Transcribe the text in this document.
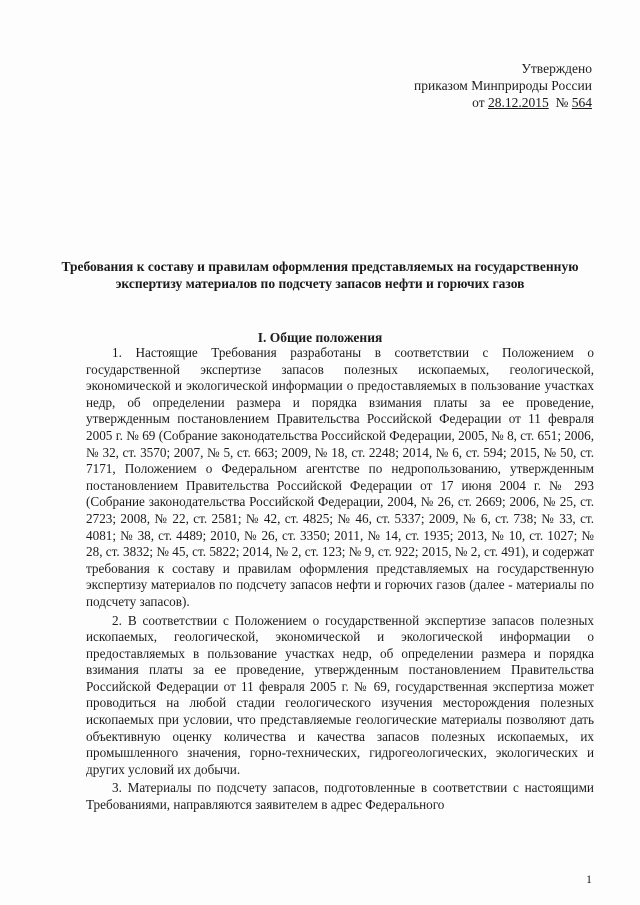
Утверждено
приказом Минприроды России
от 28.12.2015 № 564
Требования к составу и правилам оформления представляемых на государственную экспертизу материалов по подсчету запасов нефти и горючих газов
I. Общие положения

1. Настоящие Требования разработаны в соответствии с Положением о государственной экспертизе запасов полезных ископаемых, геологической, экономической и экологической информации о предоставляемых в пользование участках недр, об определении размера и порядка взимания платы за ее проведение, утвержденным постановлением Правительства Российской Федерации от 11 февраля 2005 г. № 69 (Собрание законодательства Российской Федерации, 2005, № 8, ст. 651; 2006, № 32, ст. 3570; 2007, № 5, ст. 663; 2009, № 18, ст. 2248; 2014, № 6, ст. 594; 2015, № 50, ст. 7171, Положением о Федеральном агентстве по недропользованию, утвержденным постановлением Правительства Российской Федерации от 17 июня 2004 г. № 293 (Собрание законодательства Российской Федерации, 2004, № 26, ст. 2669; 2006, № 25, ст. 2723; 2008, № 22, ст. 2581; № 42, ст. 4825; № 46, ст. 5337; 2009, № 6, ст. 738; № 33, ст. 4081; № 38, ст. 4489; 2010, № 26, ст. 3350; 2011, № 14, ст. 1935; 2013, № 10, ст. 1027; № 28, ст. 3832; № 45, ст. 5822; 2014, № 2, ст. 123; № 9, ст. 922; 2015, № 2, ст. 491), и содержат требования к составу и правилам оформления представляемых на государственную экспертизу материалов по подсчету запасов нефти и горючих газов (далее - материалы по подсчету запасов).

2. В соответствии с Положением о государственной экспертизе запасов полезных ископаемых, геологической, экономической и экологической информации о предоставляемых в пользование участках недр, об определении размера и порядка взимания платы за ее проведение, утвержденным постановлением Правительства Российской Федерации от 11 февраля 2005 г. № 69, государственная экспертиза может проводиться на любой стадии геологического изучения месторождения полезных ископаемых при условии, что представляемые геологические материалы позволяют дать объективную оценку количества и качества запасов полезных ископаемых, их промышленного значения, горно-технических, гидрогеологических, экологических и других условий их добычи.

3. Материалы по подсчету запасов, подготовленные в соответствии с настоящими Требованиями, направляются заявителем в адрес Федерального

1
